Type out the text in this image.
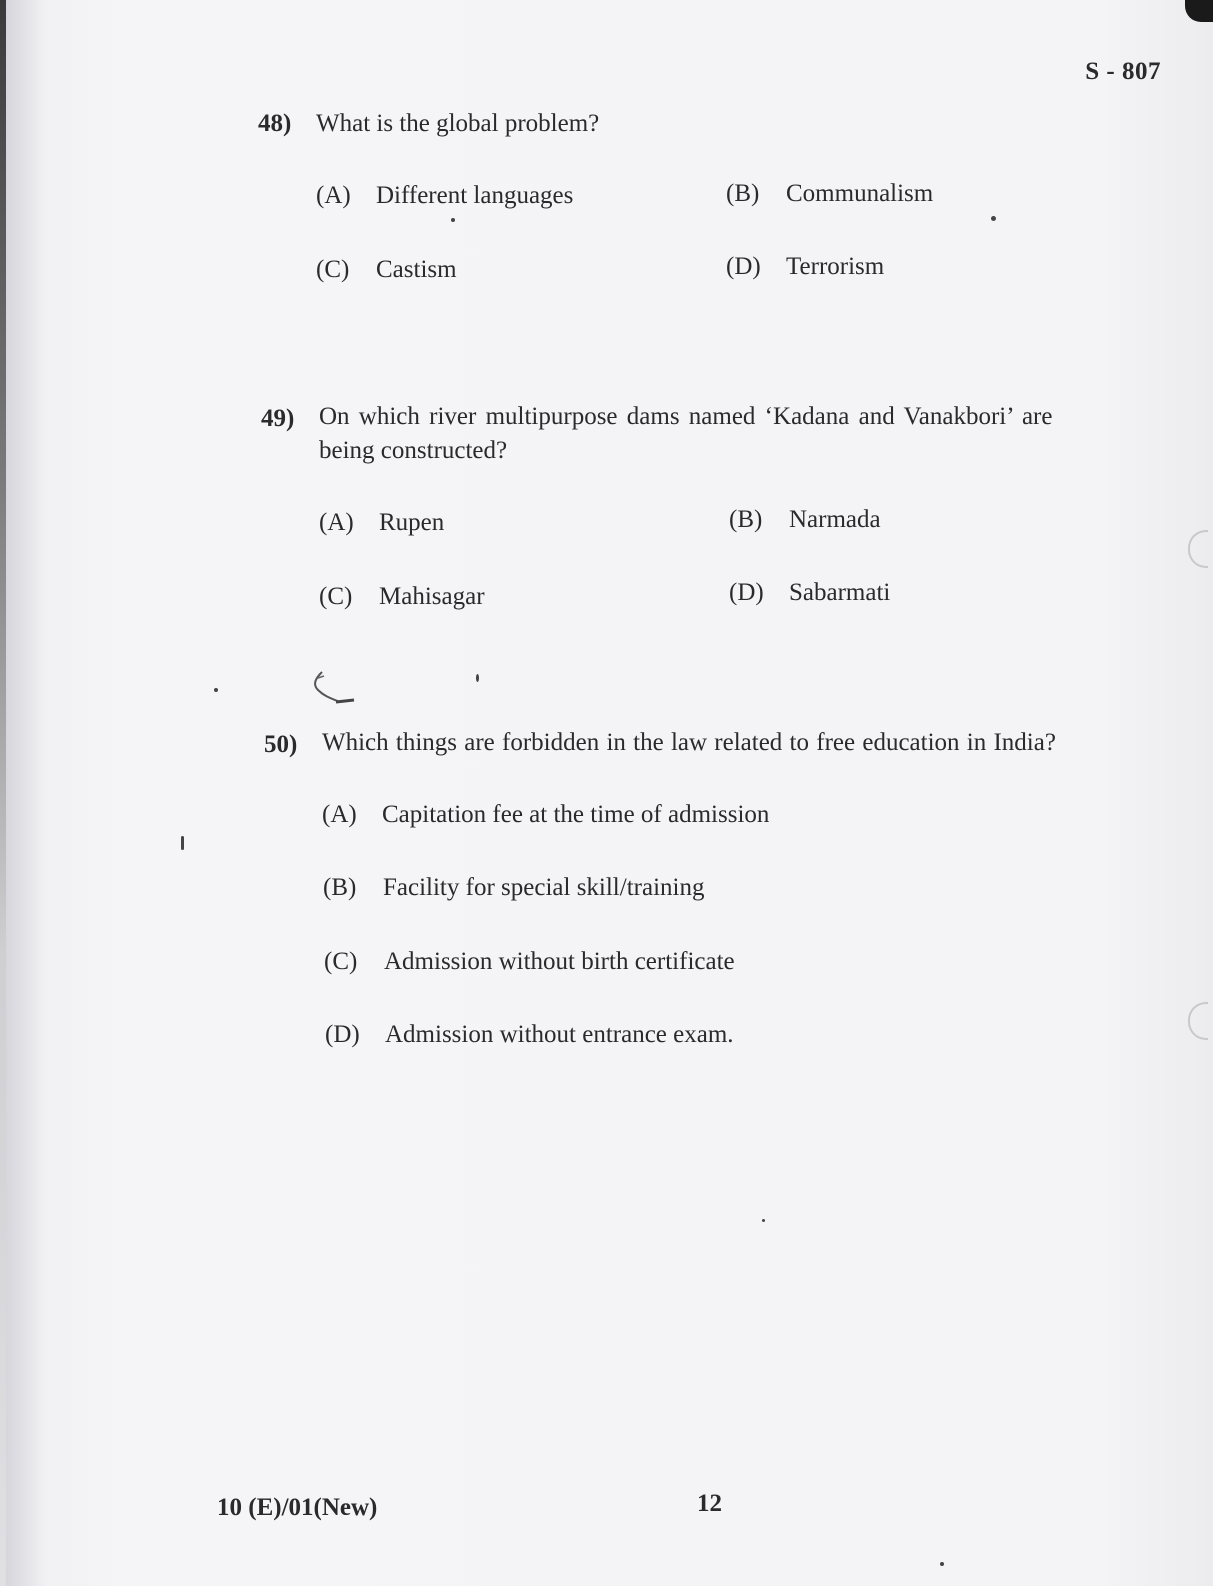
S - 807
48) What is the global problem?
(A) Different languages	(B) Communalism
(C) Castism	(D) Terrorism
49) On which river multipurpose dams named ‘Kadana and Vanakbori’ are
being constructed?
(A) Rupen	(B) Narmada
(C) Mahisagar	(D) Sabarmati
50) Which things are forbidden in the law related to free education in India?
(A) Capitation fee at the time of admission
(B) Facility for special skill/training
(C) Admission without birth certificate
(D) Admission without entrance exam.
10 (E)/01(New)	12
